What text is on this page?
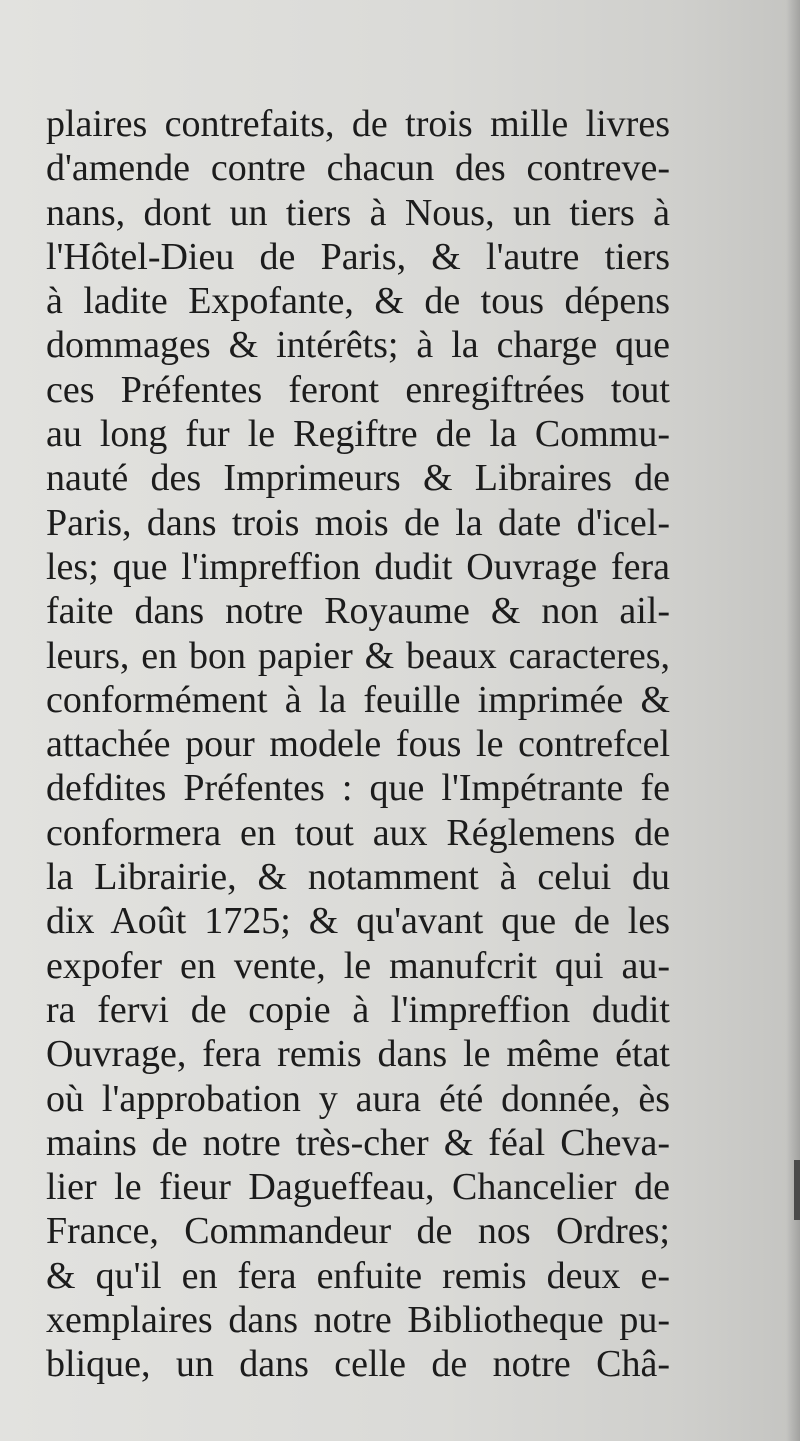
plaires contrefaits, de trois mille livres
d'amende contre chacun des contreve-
nans, dont un tiers à Nous, un tiers à
l'Hôtel-Dieu de Paris, & l'autre tiers
à ladite Expofante, & de tous dépens
dommages & intérêts; à la charge que
ces Préfentes feront enregiftrées tout
au long fur le Regiftre de la Commu-
nauté des Imprimeurs & Libraires de
Paris, dans trois mois de la date d'icel-
les; que l'impreffion dudit Ouvrage fera
faite dans notre Royaume & non ail-
leurs, en bon papier & beaux caracteres,
conformément à la feuille imprimée &
attachée pour modele fous le contrefcel
defdites Préfentes : que l'Impétrante fe
conformera en tout aux Réglemens de
la Librairie, & notamment à celui du
dix Août 1725; & qu'avant que de les
expofer en vente, le manufcrit qui au-
ra fervi de copie à l'impreffion dudit
Ouvrage, fera remis dans le même état
où l'approbation y aura été donnée, ès
mains de notre très-cher & féal Cheva-
lier le fieur Dagueffeau, Chancelier de
France, Commandeur de nos Ordres;
& qu'il en fera enfuite remis deux e-
xemplaires dans notre Bibliotheque pu-
blique, un dans celle de notre Châ-
